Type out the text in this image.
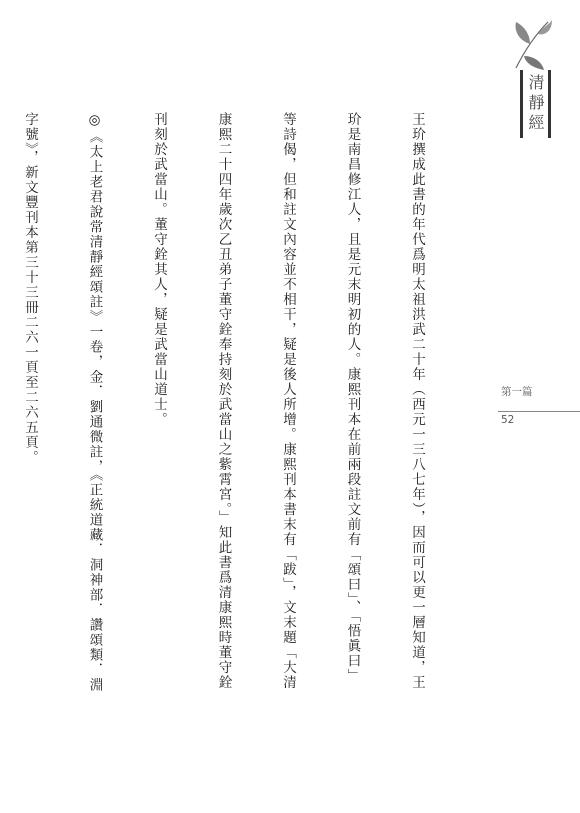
清靜經
第一篇
52

王玠撰成此書的年代爲明太祖洪武二十年（西元一三八七年），因而可以更一層知道，王

玠是南昌修江人，且是元末明初的人。康熙刊本在前兩段註文前有「頌曰」、「悟眞曰」

等詩偈，但和註文內容並不相干，疑是後人所增。康熙刊本書末有「跋」，文末題「大清

康熙二十四年歲次乙丑弟子董守銓奉持刻於武當山之紫霄宮。」知此書爲清康熙時董守銓

刊刻於武當山。董守銓其人，疑是武當山道士。

◎《太上老君說常清靜經頌註》一卷，金．劉通微註，《正統道藏．洞神部．讚頌類．淵

字號》，新文豐刊本第三十三冊二六一頁至二六五頁。
